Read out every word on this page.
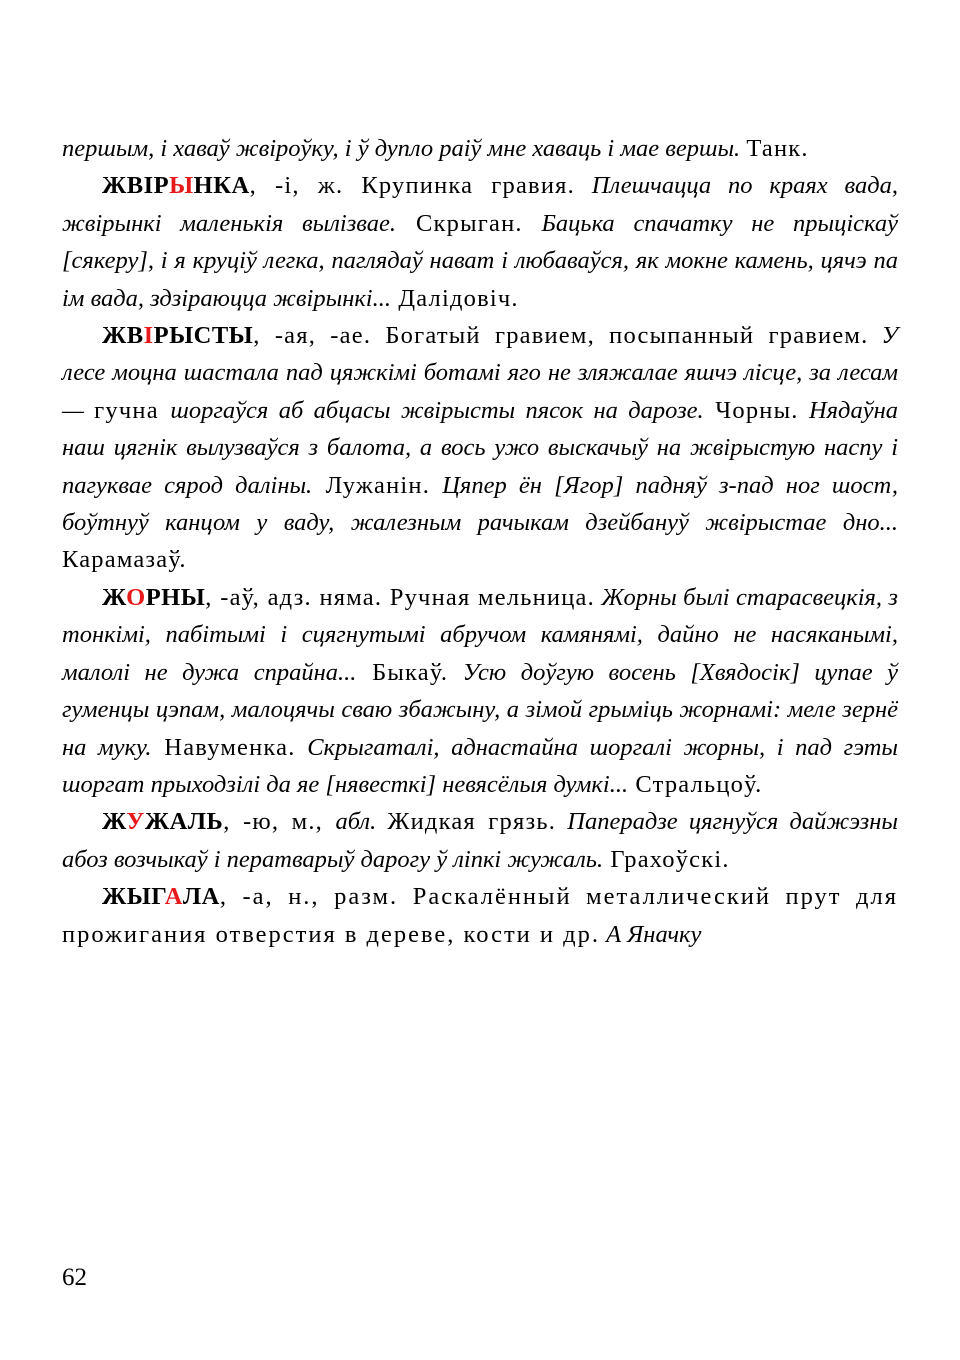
першым, і хаваў жвіроўку, і ў дупло раіў мне хаваць і мае вершы. Танк.

ЖВІРЫНКА, -і, ж. Крупинка гравия. Плешчацца по краях вада, жвірынкі маленькія вылізвае. Скрыган. Бацька спачатку не прыціскаў [сякеру], і я круціў легка, паглядаў нават і любаваўся, як мокне камень, цячэ па ім вада, здзіраюцца жвірынкі... Далідовіч.

ЖВІРЫСТЫ, -ая, -ае. Богатый гравием, посыпанный гравием. У лесе моцна шастала пад цяжкімі ботамі яго не зляжалае яшчэ лісце, за лесам — гучна шоргаўся аб абцасы жвірысты пясок на дарозе. Чорны. Нядаўна наш цягнік вылузваўся з балота, а вось ужо выскачыў на жвірыстую наспу і пагуквае сярод даліны. Лужанін. Цяпер ён [Ягор] падняў з-пад ног шост, боўтнуў канцом у ваду, жалезным рачыкам дзейбануў жвірыстае дно... Карамазаў.

ЖОРНЫ, -аў, адз. няма. Ручная мельница. Жорны былі старасвецкія, з тонкімі, пабітымі і сцягнутымі абручом камянямі, дайно не насяканымі, малолі не дужа спрайна... Быкаў. Усю доўгую восень [Хвядосік] цупае ў гуменцы цэпам, малоцячы сваю збажыну, а зімой грыміць жорнамі: меле зернё на муку. Навуменка. Скрыгаталі, аднастайна шоргалі жорны, і пад гэты шоргат прыходзілі да яе [нявесткі] невясёлыя думкі... Стральцоў.

ЖУЖАЛЬ, -ю, м., абл. Жидкая грязь. Паперадзе цягнуўся дайжэзны абоз возчыкаў і ператварыў дарогу ў ліпкі жужаль. Грахоўскі.

ЖЫГАЛА, -а, н., разм. Раскалённый металлический прут для прожигания отверстия в дереве, кости и др. А Яначку

62
